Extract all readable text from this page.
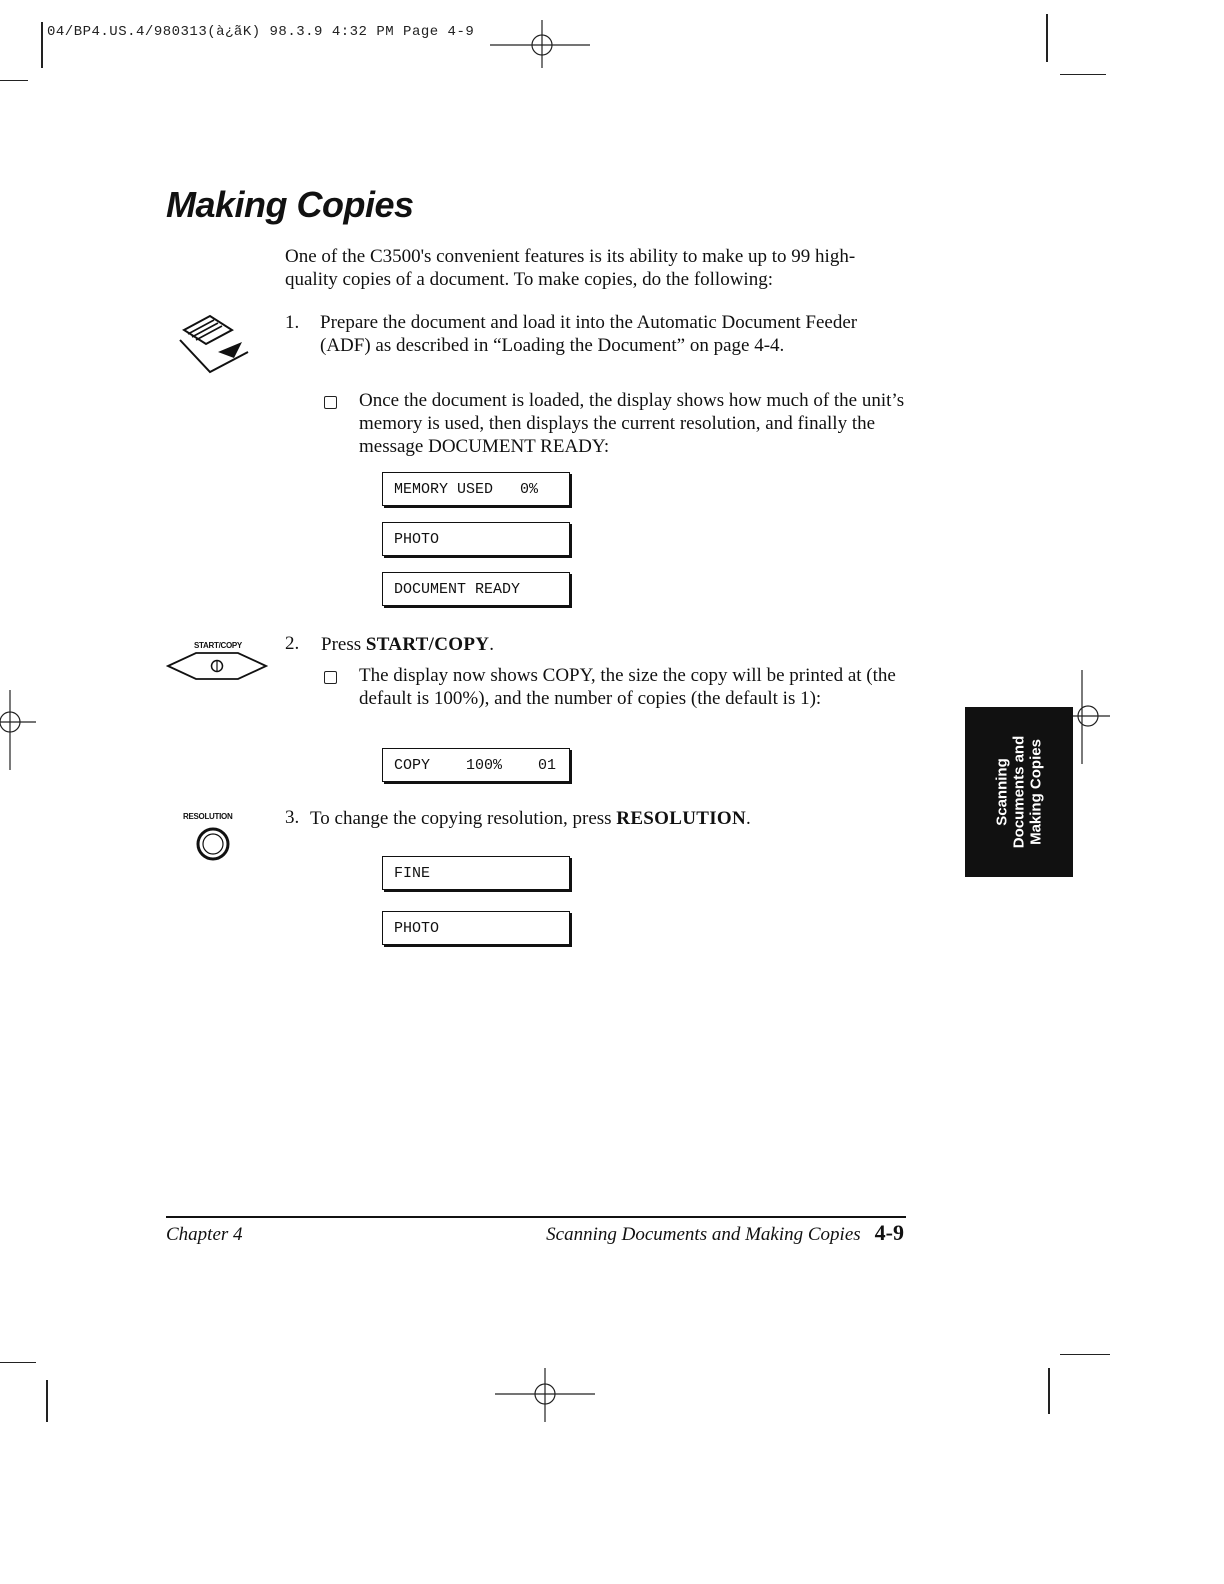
04/BP4.US.4/980313(à¿ãK) 98.3.9 4:32 PM Page 4-9
Making Copies
One of the C3500's convenient features is its ability to make up to 99 high-quality copies of a document. To make copies, do the following:
1. Prepare the document and load it into the Automatic Document Feeder (ADF) as described in “Loading the Document” on page 4-4.
Once the document is loaded, the display shows how much of the unit’s memory is used, then displays the current resolution, and finally the message DOCUMENT READY:
MEMORY USED   0%
PHOTO
DOCUMENT READY
START/COPY 2. Press START/COPY.
The display now shows COPY, the size the copy will be printed at (the default is 100%), and the number of copies (the default is 1):
COPY    100%    01
RESOLUTION	3. To change the copying resolution, press RESOLUTION.
FINE
PHOTO
Scanning Documents and Making Copies
Chapter 4	Scanning Documents and Making Copies 4-9
